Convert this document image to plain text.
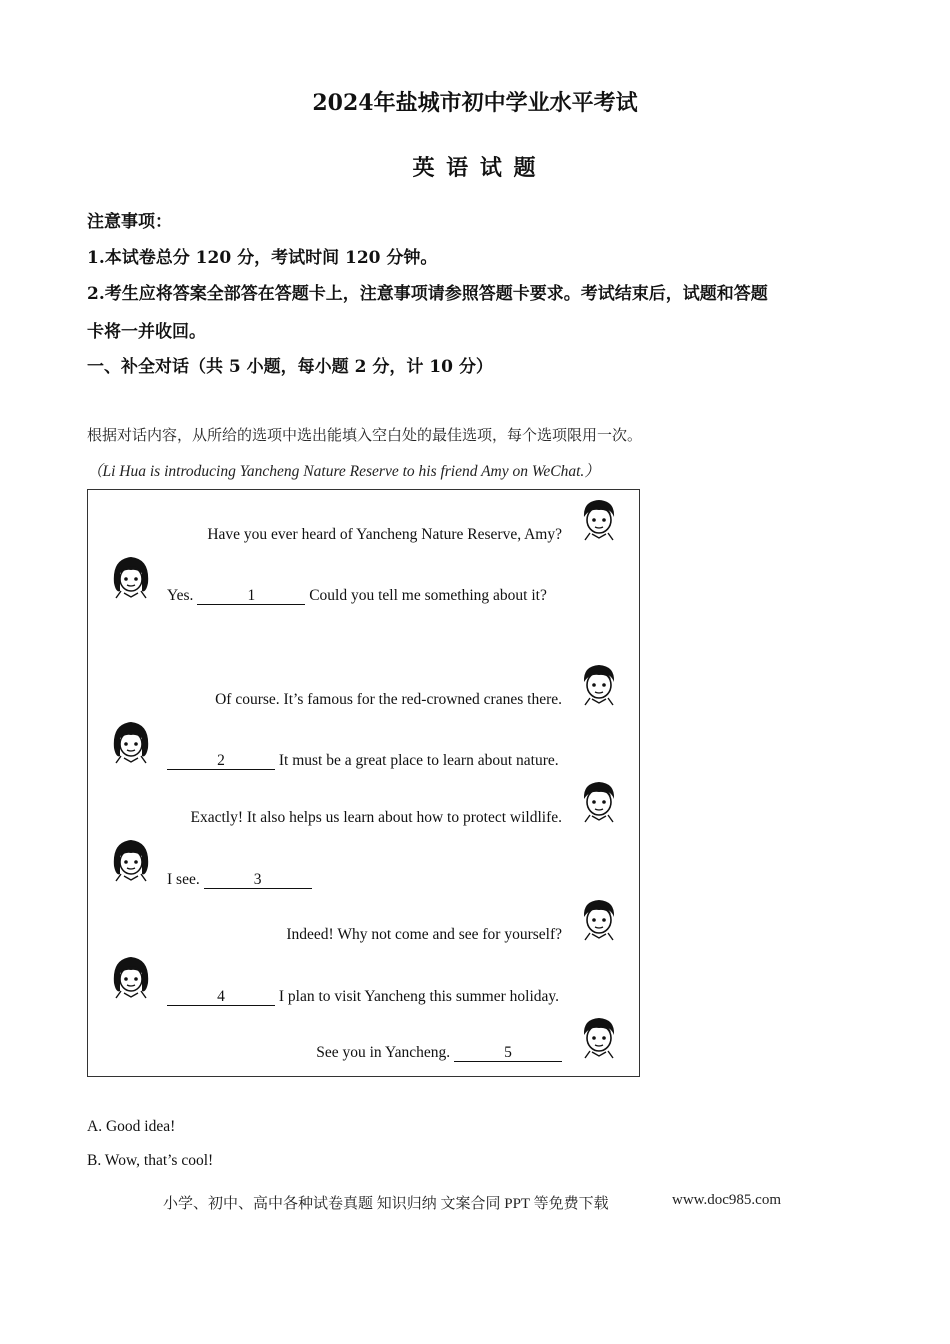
2024年盐城市初中学业水平考试
英 语 试 题
注意事项：
1.本试卷总分 120 分，考试时间 120 分钟。
2.考生应将答案全部答在答题卡上，注意事项请参照答题卡要求。考试结束后，试题和答题
卡将一并收回。
一、补全对话（共 5 小题，每小题 2 分，计 10 分）
根据对话内容，从所给的选项中选出能填入空白处的最佳选项，每个选项限用一次。
（Li Hua is introducing Yancheng Nature Reserve to his friend Amy on WeChat.）
Have you ever heard of Yancheng Nature Reserve, Amy?
Yes.	1	Could you tell me something about it?
Of course. It’s famous for the red-crowned cranes there.
2	It must be a great place to learn about nature.
Exactly! It also helps us learn about how to protect wildlife.
I see.	3
Indeed! Why not come and see for yourself?
4	I plan to visit Yancheng this summer holiday.
See you in Yancheng.	5
A. Good idea!
B. Wow, that’s cool!
小学、初中、高中各种试卷真题 知识归纳 文案合同 PPT 等免费下载	www.doc985.com
